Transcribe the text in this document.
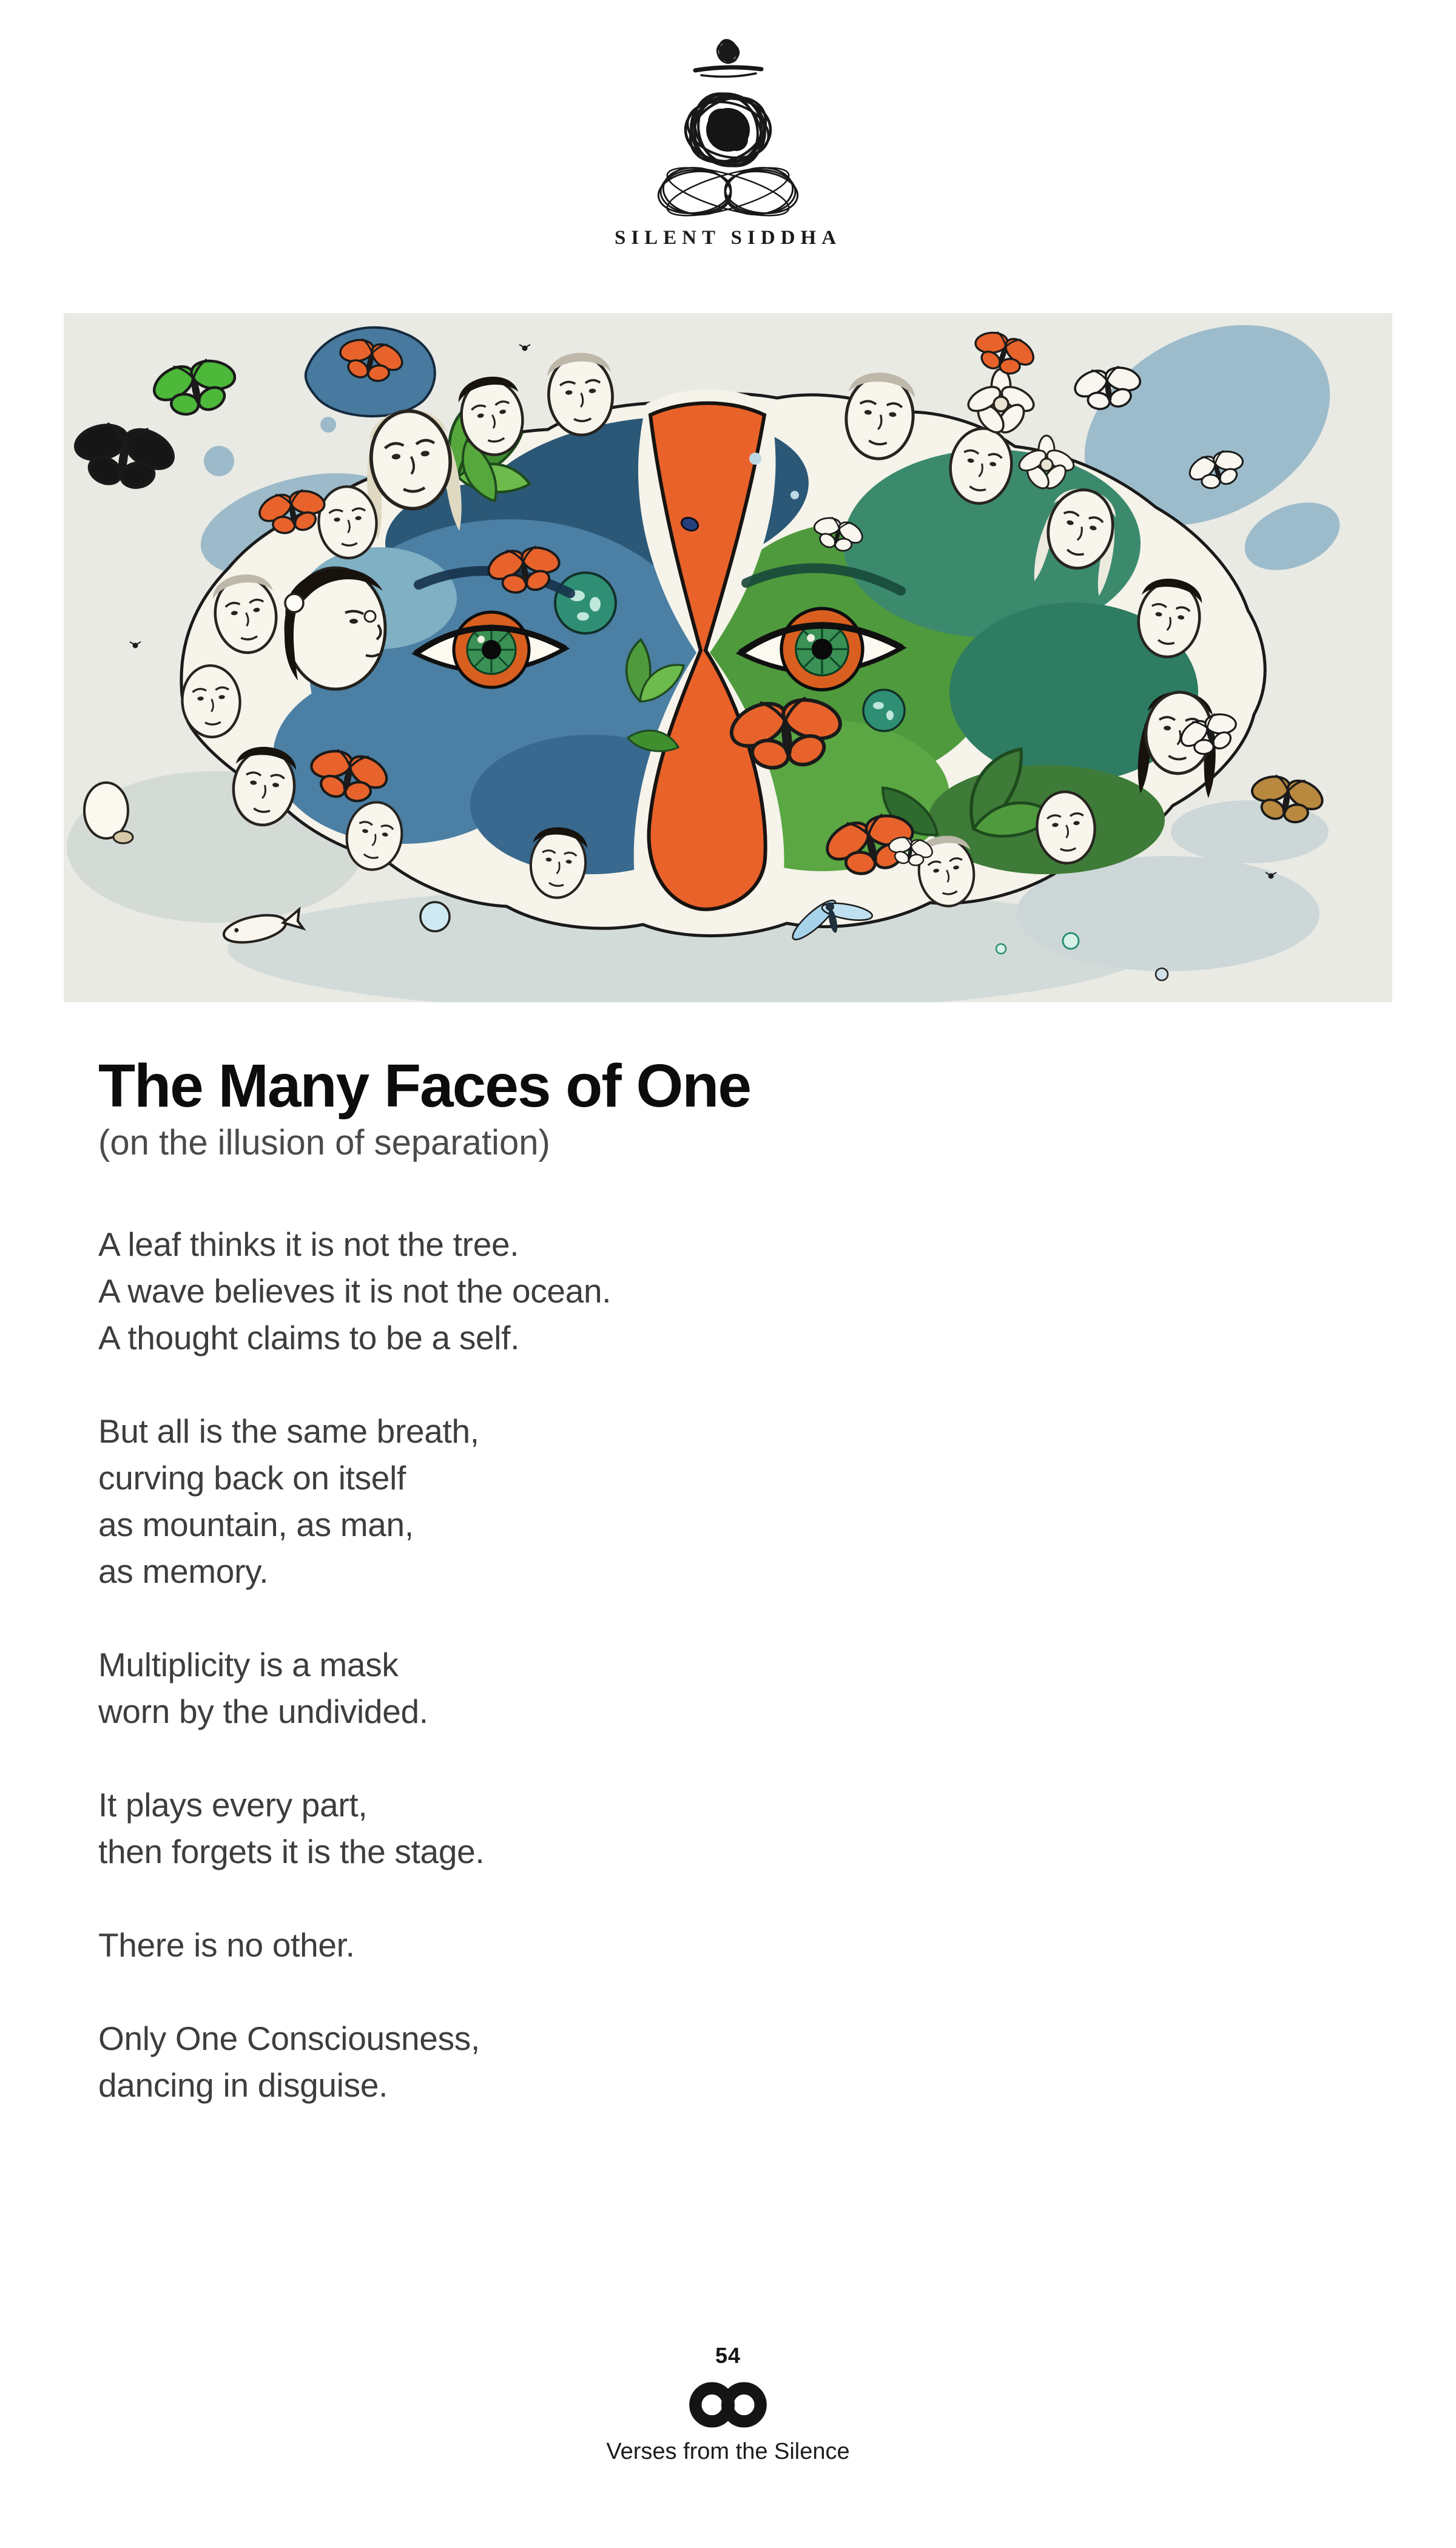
SILENT SIDDHA
The Many Faces of One

(on the illusion of separation)

A leaf thinks it is not the tree.
A wave believes it is not the ocean.
A thought claims to be a self.
But all is the same breath,
curving back on itself
as mountain, as man,
as memory.
Multiplicity is a mask
worn by the undivided.
It plays every part,
then forgets it is the stage.
There is no other.
Only One Consciousness,
dancing in disguise.
54
Verses from the Silence
